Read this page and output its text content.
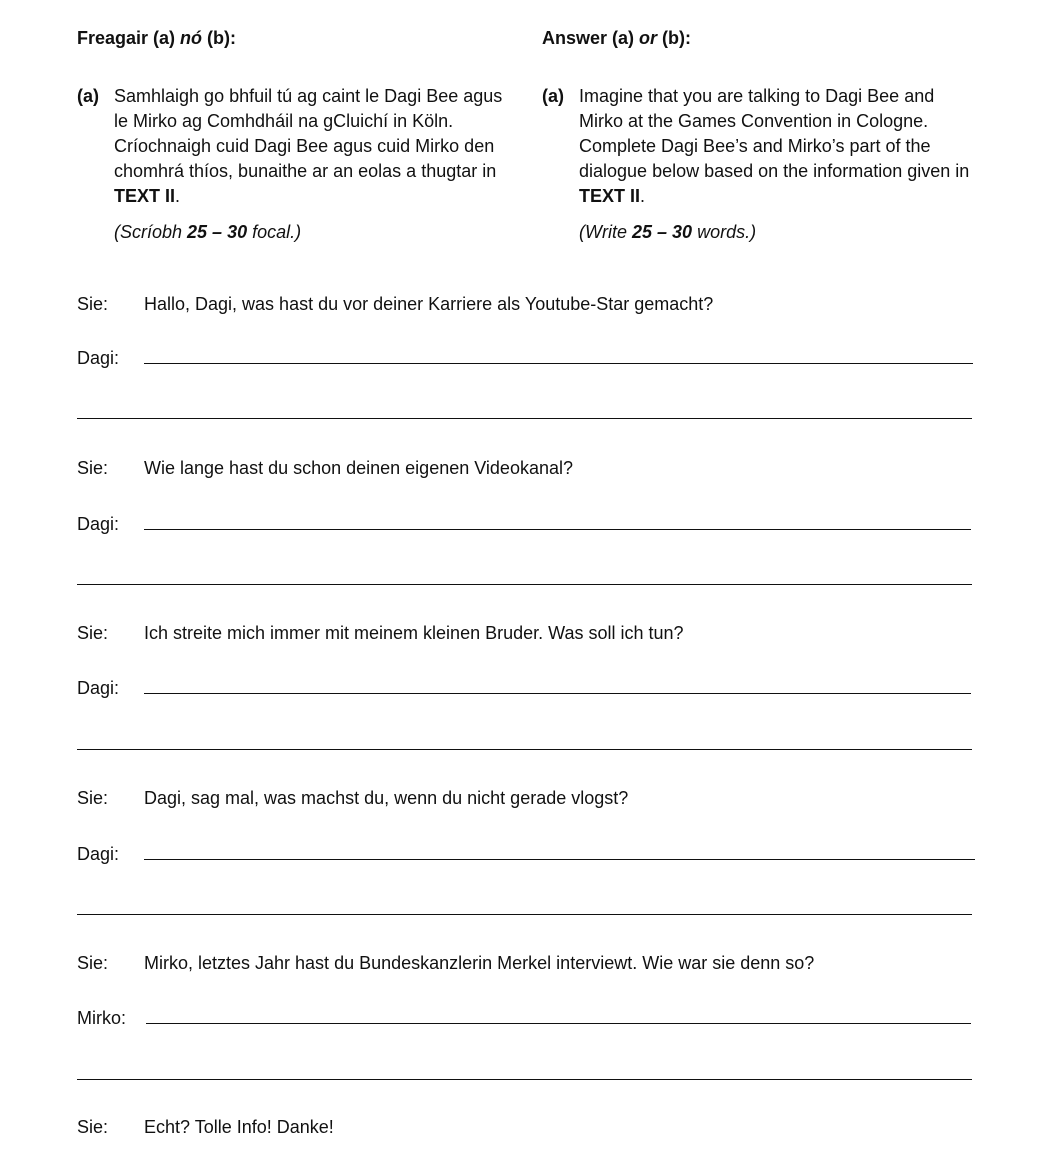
Freagair (a) nó (b):
(a) Samhlaigh go bhfuil tú ag caint le Dagi Bee agus le Mirko ag Comhdháil na gCluichí in Köln. Críochnaigh cuid Dagi Bee agus cuid Mirko den chomhrá thíos, bunaithe ar an eolas a thugtar in TEXT II.
(Scríobh 25 – 30 focal.)
Answer (a) or (b):
(a) Imagine that you are talking to Dagi Bee and Mirko at the Games Convention in Cologne. Complete Dagi Bee’s and Mirko’s part of the dialogue below based on the information given in TEXT II.
(Write 25 – 30 words.)
Sie:	Hallo, Dagi, was hast du vor deiner Karriere als Youtube-Star gemacht?
Dagi:
Sie:	Wie lange hast du schon deinen eigenen Videokanal?
Dagi:
Sie:	Ich streite mich immer mit meinem kleinen Bruder. Was soll ich tun?
Dagi:
Sie:	Dagi, sag mal, was machst du, wenn du nicht gerade vlogst?
Dagi:
Sie:	Mirko, letztes Jahr hast du Bundeskanzlerin Merkel interviewt. Wie war sie denn so?
Mirko:
Sie:	Echt? Tolle Info! Danke!
